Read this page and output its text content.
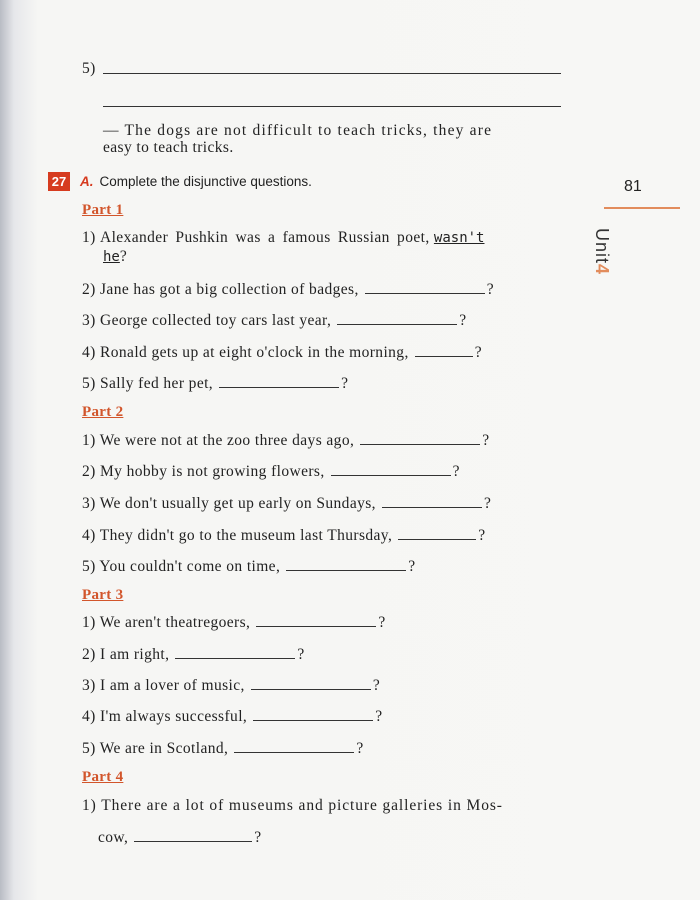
5)
— The dogs are not difficult to teach tricks, they are
easy to teach tricks.
27 A. Complete the disjunctive questions.	81
Unit4
Part 1
1) Alexander Pushkin was a famous Russian poet, wasn't
he?
2) Jane has got a big collection of badges,	?
3) George collected toy cars last year,	?
4) Ronald gets up at eight o'clock in the morning,	?
5) Sally fed her pet,	?
Part 2
1) We were not at the zoo three days ago,	?
2) My hobby is not growing flowers,	?
3) We don't usually get up early on Sundays,	?
4) They didn't go to the museum last Thursday,	?
5) You couldn't come on time,	?
Part 3
1) We aren't theatregoers,	?
2) I am right,	?
3) I am a lover of music,	?
4) I'm always successful,	?
5) We are in Scotland,	?
Part 4
1) There are a lot of museums and picture galleries in Mos-
cow,	?
